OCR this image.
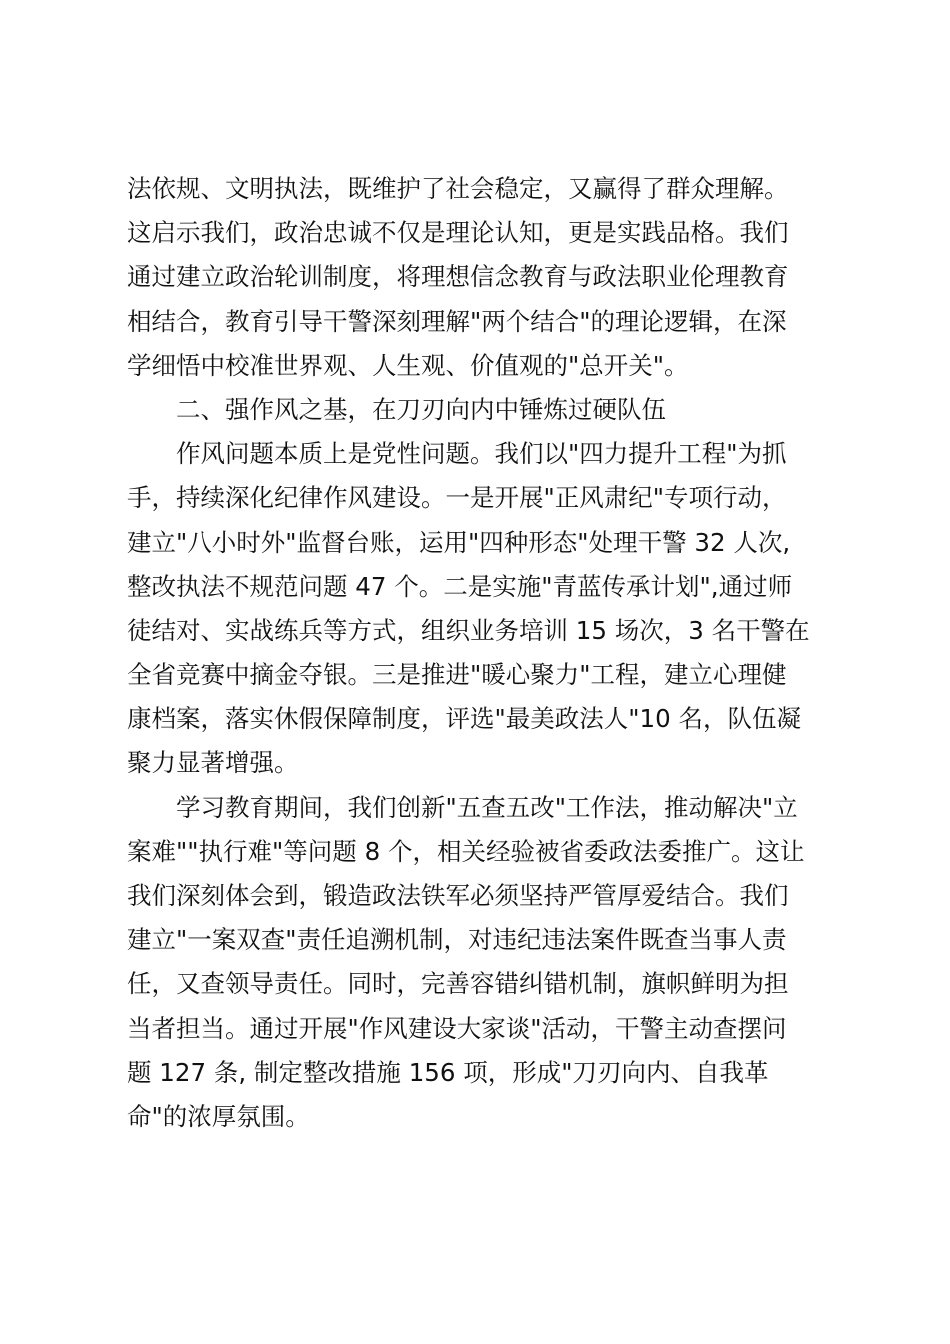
法依规、文明执法，既维护了社会稳定，又赢得了群众理解。
这启示我们，政治忠诚不仅是理论认知，更是实践品格。我们
通过建立政治轮训制度，将理想信念教育与政法职业伦理教育
相结合，教育引导干警深刻理解"两个结合"的理论逻辑，在深
学细悟中校准世界观、人生观、价值观的"总开关"。
二、强作风之基，在刀刃向内中锤炼过硬队伍
作风问题本质上是党性问题。我们以"四力提升工程"为抓
手，持续深化纪律作风建设。一是开展"正风肃纪"专项行动，
建立"八小时外"监督台账，运用"四种形态"处理干警 32 人次,
整改执法不规范问题 47 个。二是实施"青蓝传承计划",通过师
徒结对、实战练兵等方式，组织业务培训 15 场次，3 名干警在
全省竞赛中摘金夺银。三是推进"暖心聚力"工程，建立心理健
康档案，落实休假保障制度，评选"最美政法人"10 名，队伍凝
聚力显著增强。
学习教育期间，我们创新"五查五改"工作法，推动解决"立
案难""执行难"等问题 8 个，相关经验被省委政法委推广。这让
我们深刻体会到，锻造政法铁军必须坚持严管厚爱结合。我们
建立"一案双查"责任追溯机制，对违纪违法案件既查当事人责
任，又查领导责任。同时，完善容错纠错机制，旗帜鲜明为担
当者担当。通过开展"作风建设大家谈"活动，干警主动查摆问
题 127 条, 制定整改措施 156 项，形成"刀刃向内、自我革
命"的浓厚氛围。
